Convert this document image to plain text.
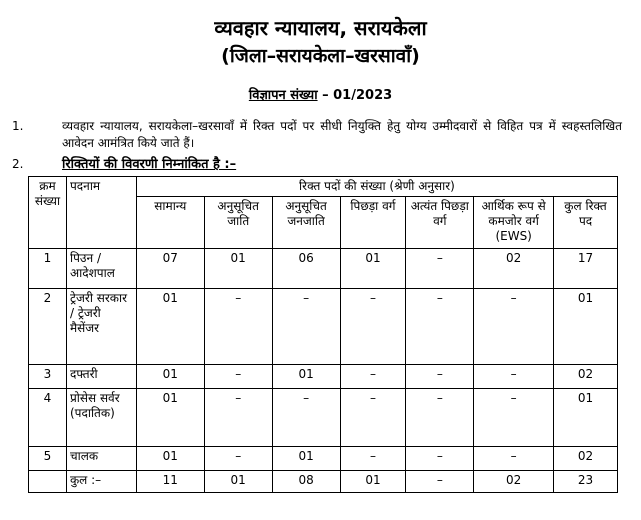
व्यवहार न्यायालय, सरायकेला
(जिला–सरायकेला–खरसावाँ)
विज्ञापन संख्या – 01/2023
1.	व्यवहार न्यायालय, सरायकेला–खरसावाँ में रिक्त पदों पर सीधी नियुक्ति हेतु योग्य उम्मीदवारों से विहित पत्र में स्वहस्तलिखित आवेदन आमंत्रित किये जाते हैं।
2.	रिक्तियों की विवरणी निम्नांकित है :–
क्रम संख्या	पदनाम	रिक्त पदों की संख्या (श्रेणी अनुसार)						
		सामान्य	अनुसूचित जाति	अनुसूचित जनजाति	पिछड़ा वर्ग	अत्यंत पिछड़ा वर्ग	आर्थिक रूप से कमजोर वर्ग (EWS)	कुल रिक्त पद
1	पिउन / आदेशपाल	07	01	06	01	–	02	17
2	ट्रेजरी सरकार / ट्रेजरी मैसेंजर	01	–	–	–	–	–	01
3	दफ्तरी	01	–	01	–	–	–	02
4	प्रोसेस सर्वर (पदातिक)	01	–	–	–	–	–	01
5	चालक	01	–	01	–	–	–	02
	कुल :–	11	01	08	01	–	02	23
